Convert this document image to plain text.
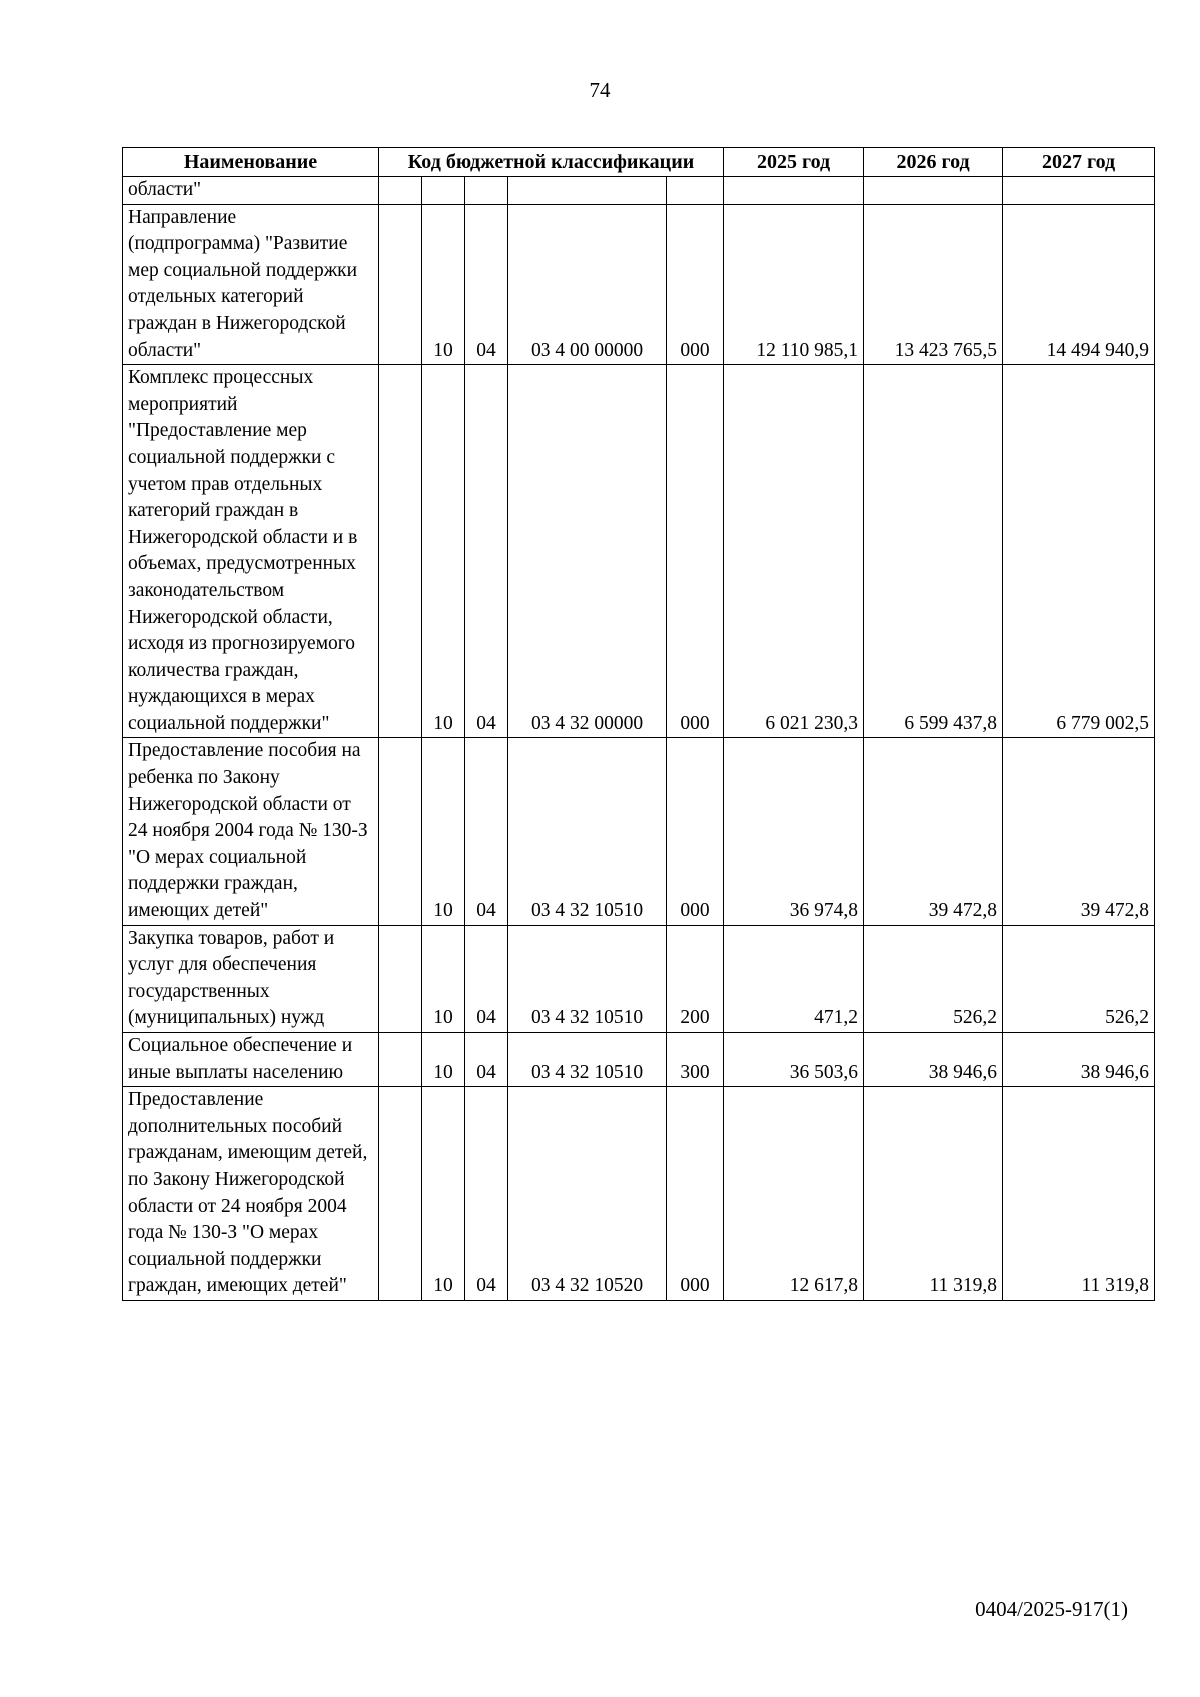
74
Наименование	Код бюджетной классификации					2025 год	2026 год	2027 год
области"								
Направление (подпрограмма) "Развитие мер социальной поддержки отдельных категорий граждан в Нижегородской области"		10	04	03 4 00 00000	000	12 110 985,1	13 423 765,5	14 494 940,9
Комплекс процессных мероприятий "Предоставление мер социальной поддержки с учетом прав отдельных категорий граждан в Нижегородской области и в объемах, предусмотренных законодательством Нижегородской области, исходя из прогнозируемого количества граждан, нуждающихся в мерах социальной поддержки"		10	04	03 4 32 00000	000	6 021 230,3	6 599 437,8	6 779 002,5
Предоставление пособия на ребенка по Закону Нижегородской области от 24 ноября 2004 года № 130-З "О мерах социальной поддержки граждан, имеющих детей"		10	04	03 4 32 10510	000	36 974,8	39 472,8	39 472,8
Закупка товаров, работ и услуг для обеспечения государственных (муниципальных) нужд		10	04	03 4 32 10510	200	471,2	526,2	526,2
Социальное обеспечение и иные выплаты населению		10	04	03 4 32 10510	300	36 503,6	38 946,6	38 946,6
Предоставление дополнительных пособий гражданам, имеющим детей, по Закону Нижегородской области от 24 ноября 2004 года № 130-З "О мерах социальной поддержки граждан, имеющих детей"		10	04	03 4 32 10520	000	12 617,8	11 319,8	11 319,8
0404/2025-917(1)
